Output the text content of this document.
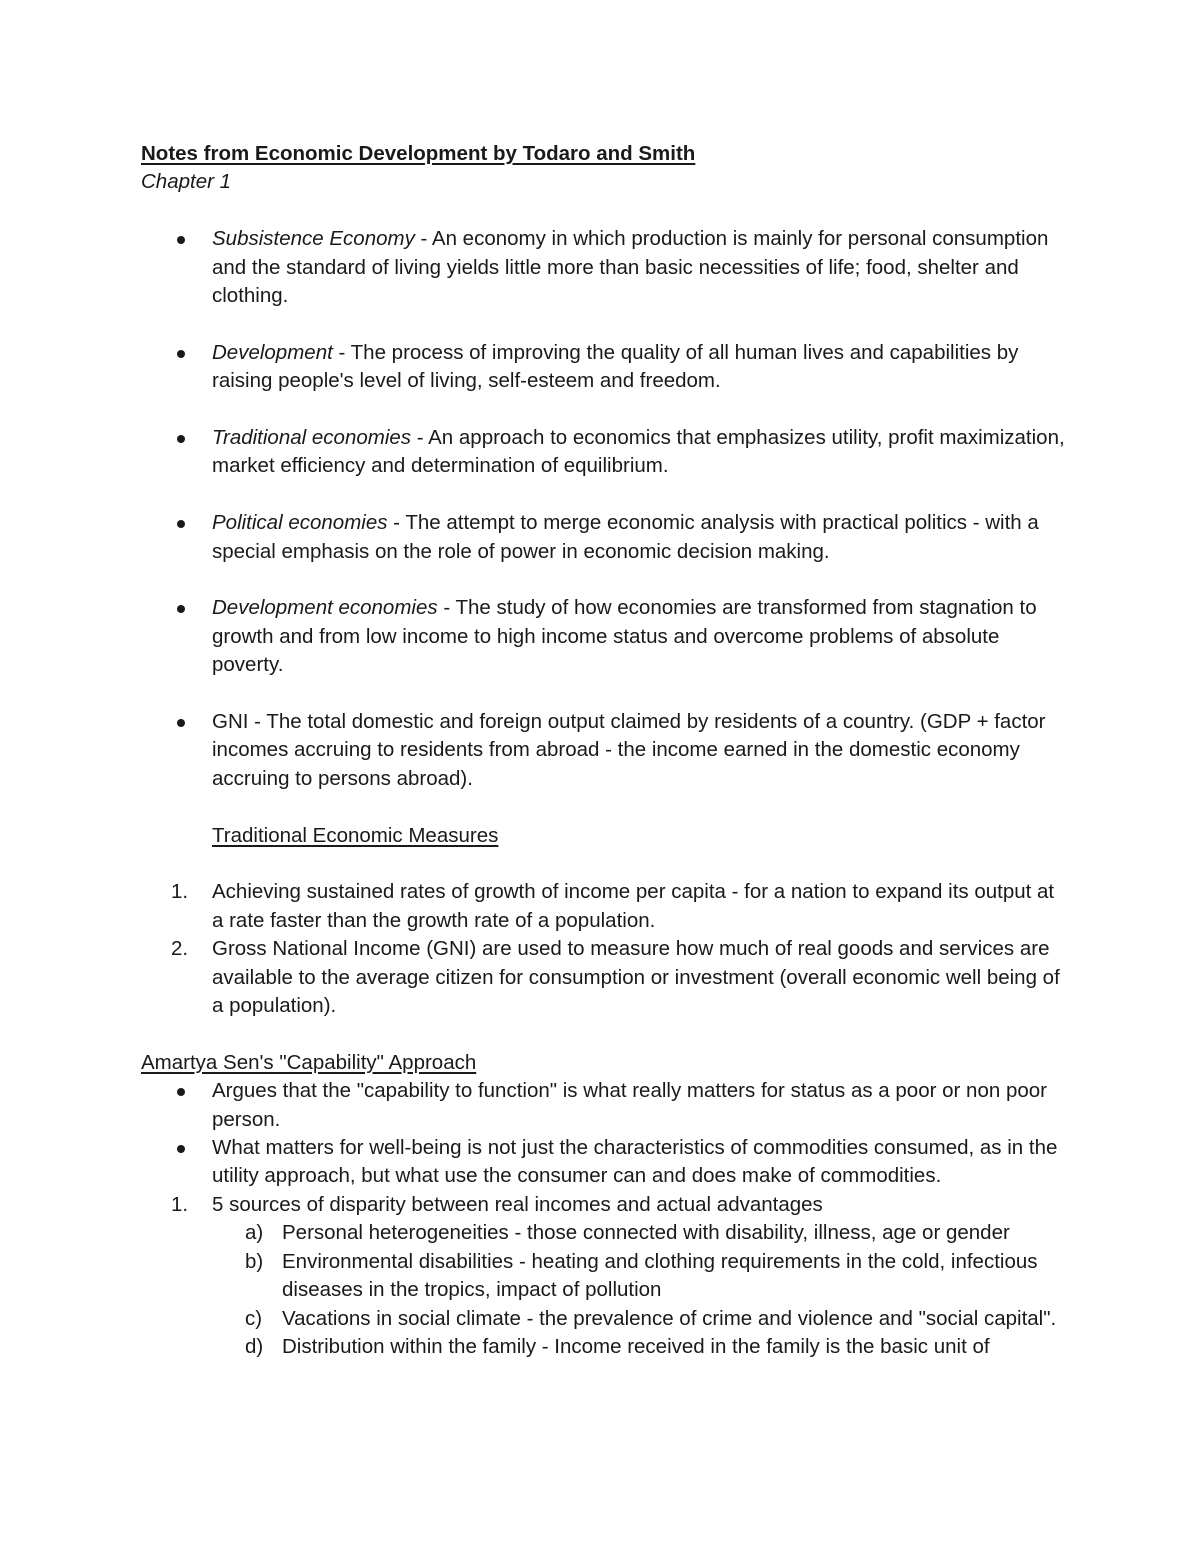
Notes from Economic Development by Todaro and Smith
Chapter 1
Subsistence Economy - An economy in which production is mainly for personal consumption and the standard of living yields little more than basic necessities of life; food, shelter and clothing.
Development - The process of improving the quality of all human lives and capabilities by raising people's level of living, self-esteem and freedom.
Traditional economies - An approach to economics that emphasizes utility, profit maximization, market efficiency and determination of equilibrium.
Political economies - The attempt to merge economic analysis with practical politics - with a special emphasis on the role of power in economic decision making.
Development economies - The study of how economies are transformed from stagnation to growth and from low income to high income status and overcome problems of absolute poverty.
GNI - The total domestic and foreign output claimed by residents of a country. (GDP + factor incomes accruing to residents from abroad - the income earned in the domestic economy accruing to persons abroad).
Traditional Economic Measures
1. Achieving sustained rates of growth of income per capita - for a nation to expand its output at a rate faster than the growth rate of a population.
2. Gross National Income (GNI) are used to measure how much of real goods and services are available to the average citizen for consumption or investment (overall economic well being of a population).
Amartya Sen's "Capability" Approach
Argues that the "capability to function" is what really matters for status as a poor or non poor person.
What matters for well-being is not just the characteristics of commodities consumed, as in the utility approach, but what use the consumer can and does make of commodities.
1. 5 sources of disparity between real incomes and actual advantages
a) Personal heterogeneities - those connected with disability, illness, age or gender
b) Environmental disabilities - heating and clothing requirements in the cold, infectious diseases in the tropics, impact of pollution
c) Vacations in social climate - the prevalence of crime and violence and "social capital".
d) Distribution within the family - Income received in the family is the basic unit of
